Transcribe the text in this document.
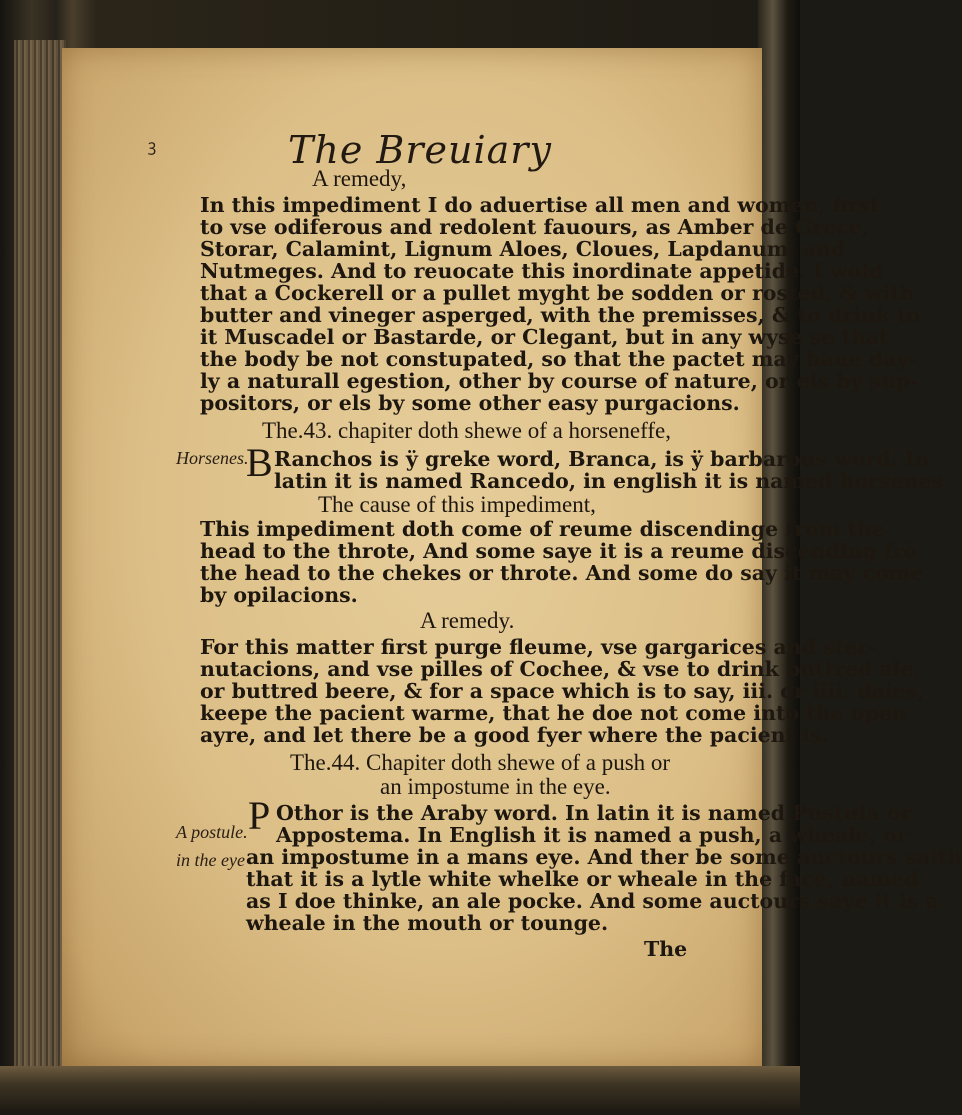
ꝫ	The Breuiary
A remedy,
In this impediment I do aduertise all men and women, first
to vse odiferous and redolent fauours, as Amber de Grece,
Storar, Calamint, Lignum Aloes, Cloues, Lapdanum, and
Nutmeges. And to reuocate this inordinate appetide. I wold
that a Cockerell or a pullet myght be sodden or rosted, & with
butter and vineger asperged, with the premisses, & to drink to
it Muscadel or Bastarde, or Clegant, but in any wyse se that
the body be not constupated, so that the pactet may haue day-
ly a naturall egestion, other by course of nature, or els by sup-
positors, or els by some other easy purgacions.
The.43. chapiter doth shewe of a horseneffe,
Horsenes.
B Ranchos is ÿ greke word, Branca, is ÿ barbarous word. In
latin it is named Rancedo, in english it is named horsenes
The cause of this impediment,
This impediment doth come of reume discendinge from the
head to the throte, And some saye it is a reume discending frõ
the head to the chekes or throte. And some do say it may come
by opilacions.
A remedy.
For this matter first purge fleume, vse gargarices and ster-
nutacions, and vse pilles of Cochee, & vse to drink buttred ale,
or buttred beere, & for a space which is to say, iii. or iiii. daies,
keepe the pacient warme, that he doe not come into the open
ayre, and let there be a good fyer where the pacient is.
The.44. Chapiter doth shewe of a push or
an impostume in the eye.
A postule.
in the eye
P Othor is the Araby word. In latin it is named Pustula or
Appostema. In English it is named a push, a wheale, or
an impostume in a mans eye. And ther be some auctours saith
that it is a lytle white whelke or wheale in the face, named
as I doe thinke, an ale pocke. And some auctours saye it is a
wheale in the mouth or tounge.
The
